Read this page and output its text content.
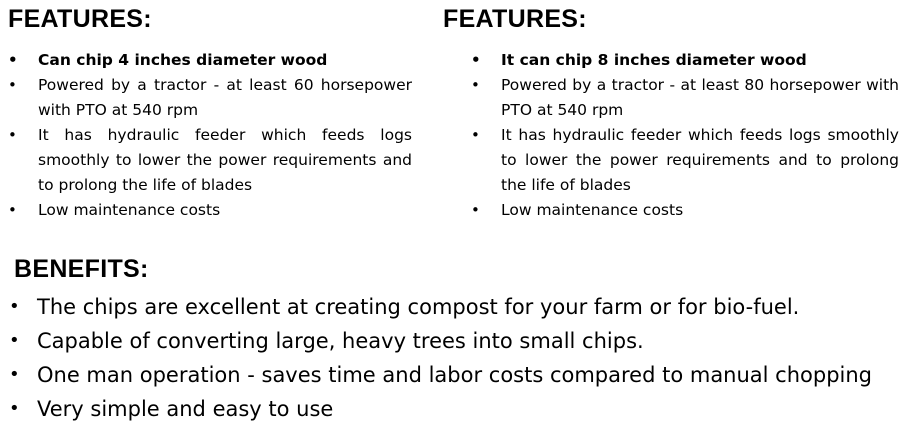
FEATURES:
• Can chip 4 inches diameter wood
• Powered by a tractor - at least 60 horsepower with PTO at 540 rpm
• It has hydraulic feeder which feeds logs smoothly to lower the power requirements and to prolong the life of blades
• Low maintenance costs
FEATURES:
• It can chip 8 inches diameter wood
• Powered by a tractor - at least 80 horsepower with PTO at 540 rpm
• It has hydraulic feeder which feeds logs smoothly to lower the power requirements and to prolong the life of blades
• Low maintenance costs
BENEFITS:
• The chips are excellent at creating compost for your farm or for bio-fuel.
• Capable of converting large, heavy trees into small chips.
• One man operation - saves time and labor costs compared to manual chopping
• Very simple and easy to use
